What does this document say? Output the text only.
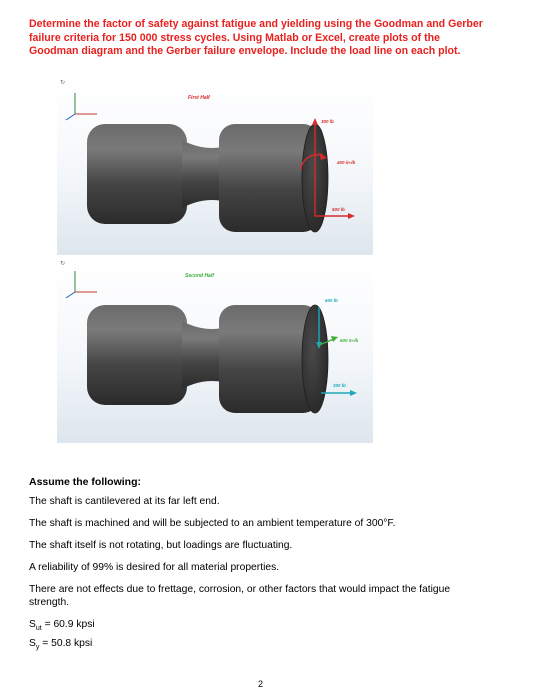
Determine the factor of safety against fatigue and yielding using the Goodman and Gerber failure criteria for 150 000 stress cycles. Using Matlab or Excel, create plots of the Goodman diagram and the Gerber failure envelope. Include the load line on each plot.
↻
First Half
300 lb
400 in-lb
500 lb
↻
Second Half
500 lb
600 in-lb
300 lb
Assume the following:
The shaft is cantilevered at its far left end.
The shaft is machined and will be subjected to an ambient temperature of 300°F.
The shaft itself is not rotating, but loadings are fluctuating.
A reliability of 99% is desired for all material properties.
There are not effects due to frettage, corrosion, or other factors that would impact the fatigue strength.
$S_{ut} = 60.9$ kpsi
$S_y = 50.8$ kpsi
2
